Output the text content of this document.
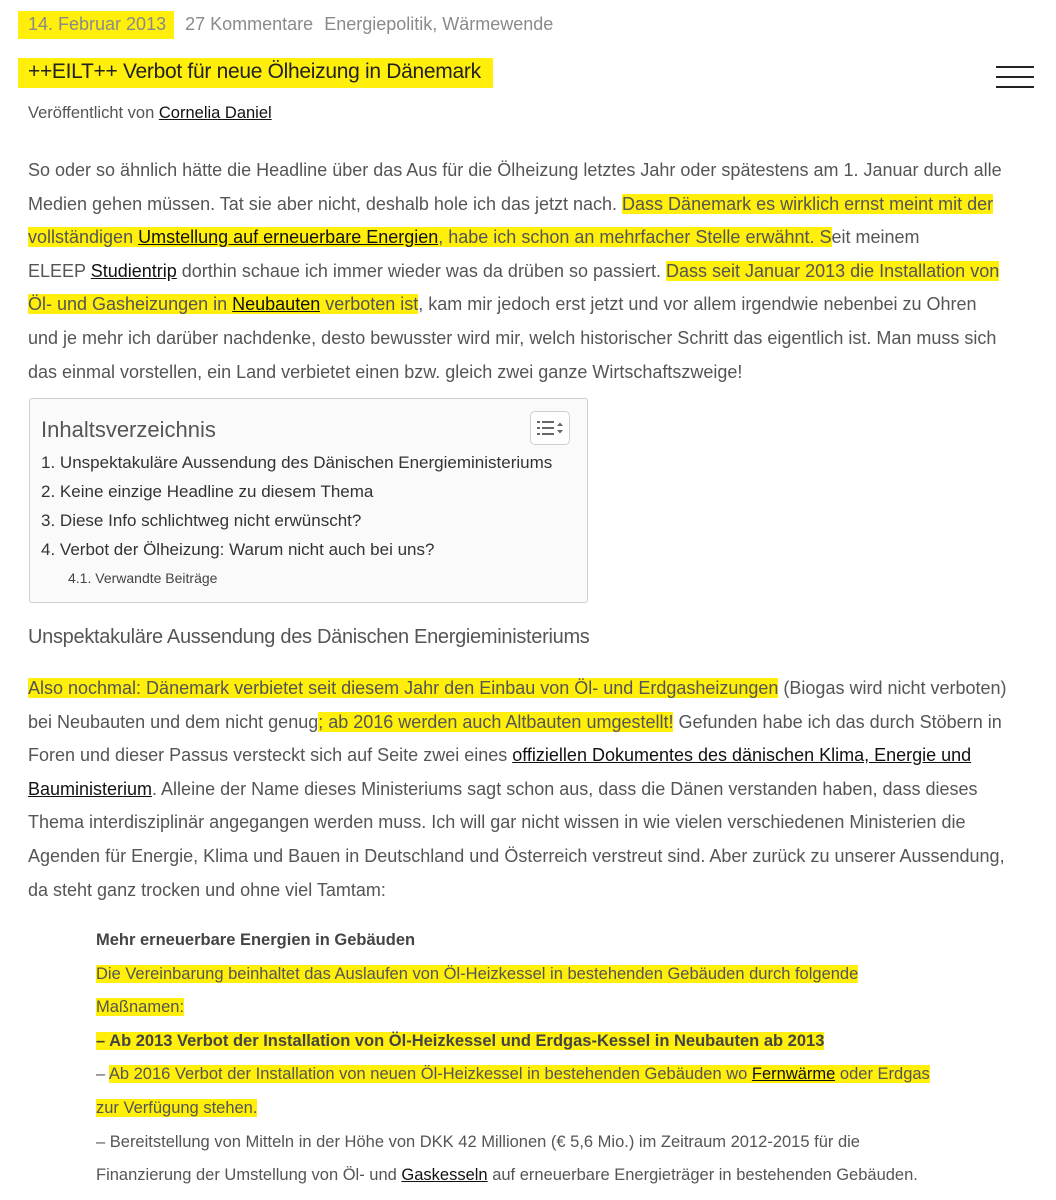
14. Februar 2013 27 Kommentare Energiepolitik, Wärmewende
++EILT++ Verbot für neue Ölheizung in Dänemark
Veröffentlicht von Cornelia Daniel
So oder so ähnlich hätte die Headline über das Aus für die Ölheizung letztes Jahr oder spätestens am 1. Januar durch alle
Medien gehen müssen. Tat sie aber nicht, deshalb hole ich das jetzt nach. Dass Dänemark es wirklich ernst meint mit der
vollständigen Umstellung auf erneuerbare Energien, habe ich schon an mehrfacher Stelle erwähnt. Seit meinem
ELEEP Studientrip dorthin schaue ich immer wieder was da drüben so passiert. Dass seit Januar 2013 die Installation von
Öl- und Gasheizungen in Neubauten verboten ist, kam mir jedoch erst jetzt und vor allem irgendwie nebenbei zu Ohren
und je mehr ich darüber nachdenke, desto bewusster wird mir, welch historischer Schritt das eigentlich ist. Man muss sich
das einmal vorstellen, ein Land verbietet einen bzw. gleich zwei ganze Wirtschaftszweige!
Inhaltsverzeichnis
1. Unspektakuläre Aussendung des Dänischen Energieministeriums
2. Keine einzige Headline zu diesem Thema
3. Diese Info schlichtweg nicht erwünscht?
4. Verbot der Ölheizung: Warum nicht auch bei uns?
4.1. Verwandte Beiträge
Unspektakuläre Aussendung des Dänischen Energieministeriums
Also nochmal: Dänemark verbietet seit diesem Jahr den Einbau von Öl- und Erdgasheizungen (Biogas wird nicht verboten)
bei Neubauten und dem nicht genug; ab 2016 werden auch Altbauten umgestellt! Gefunden habe ich das durch Stöbern in
Foren und dieser Passus versteckt sich auf Seite zwei eines offiziellen Dokumentes des dänischen Klima, Energie und
Bauministerium. Alleine der Name dieses Ministeriums sagt schon aus, dass die Dänen verstanden haben, dass dieses
Thema interdisziplinär angegangen werden muss. Ich will gar nicht wissen in wie vielen verschiedenen Ministerien die
Agenden für Energie, Klima und Bauen in Deutschland und Österreich verstreut sind. Aber zurück zu unserer Aussendung,
da steht ganz trocken und ohne viel Tamtam:
Mehr erneuerbare Energien in Gebäuden
Die Vereinbarung beinhaltet das Auslaufen von Öl-Heizkessel in bestehenden Gebäuden durch folgende
Maßnamen:
– Ab 2013 Verbot der Installation von Öl-Heizkessel und Erdgas-Kessel in Neubauten ab 2013
– Ab 2016 Verbot der Installation von neuen Öl-Heizkessel in bestehenden Gebäuden wo Fernwärme oder Erdgas
zur Verfügung stehen.
– Bereitstellung von Mitteln in der Höhe von DKK 42 Millionen (€ 5,6 Mio.) im Zeitraum 2012-2015 für die
Finanzierung der Umstellung von Öl- und Gaskesseln auf erneuerbare Energieträger in bestehenden Gebäuden.
